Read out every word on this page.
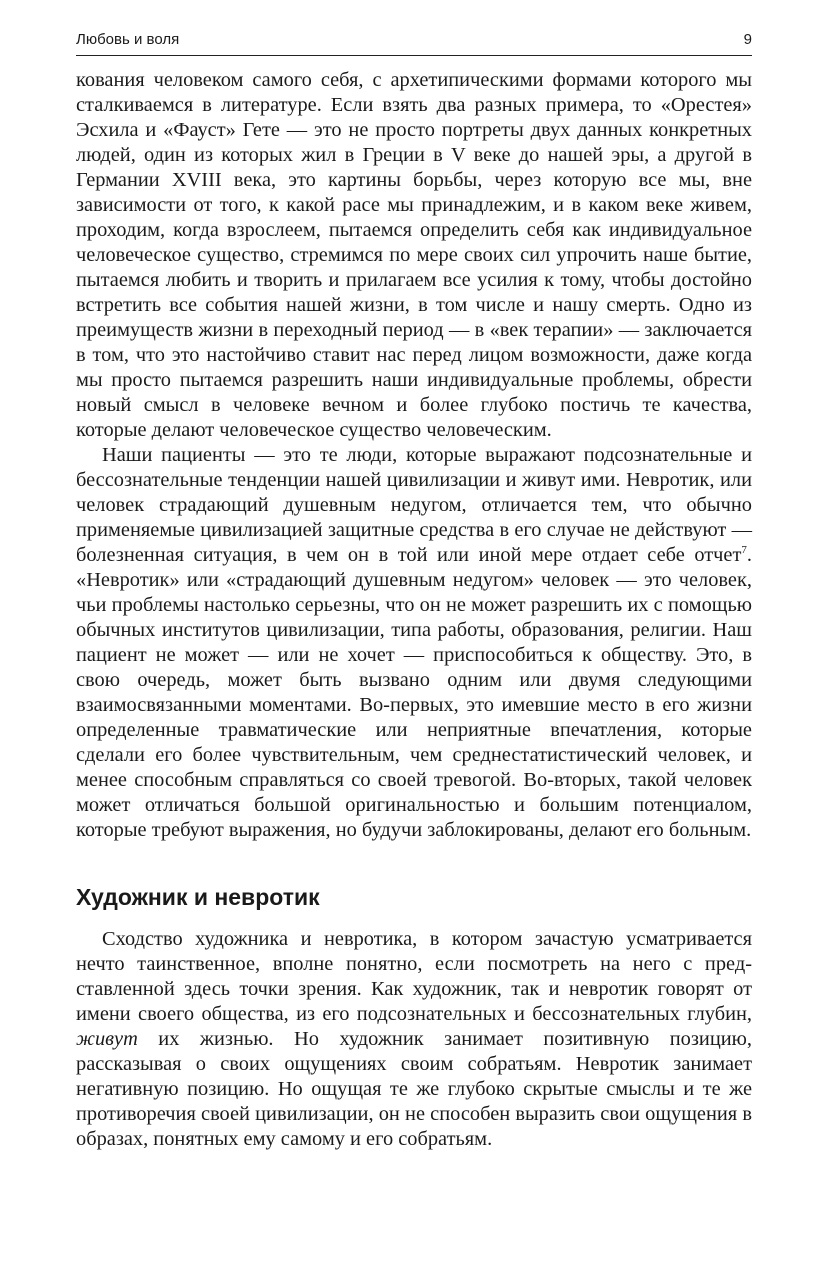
Любовь и воля	9

кования человеком самого себя, с архетипическими формами которого мы сталкиваемся в литературе. Если взять два разных примера, то «Орестея» Эсхила и «Фауст» Гете — это не просто портреты двух данных конкретных людей, один из которых жил в Греции в V веке до нашей эры, а другой в Германии XVIII века, это картины борьбы, через которую все мы, вне зависимости от того, к какой расе мы принадлежим, и в каком веке живем, проходим, когда взрослеем, пытаемся определить себя как индивидуальное человеческое существо, стремимся по мере своих сил упрочить наше бытие, пытаемся любить и творить и прилагаем все усилия к тому, чтобы достойно встретить все события нашей жизни, в том числе и нашу смерть. Одно из преимуществ жизни в переходный период — в «век терапии» — заключается в том, что это настойчиво ставит нас перед лицом возможности, даже когда мы просто пытаемся разрешить наши индивидуальные проблемы, обрести новый смысл в человеке вечном и более глубоко постичь те качества, которые делают человеческое существо человеческим.

Наши пациенты — это те люди, которые выражают подсознательные и бессознательные тенденции нашей цивилизации и живут ими. Невротик, или человек страдающий душевным недугом, отличается тем, что обычно применяемые цивилизацией защитные средства в его случае не действуют — болезненная ситуация, в чем он в той или иной мере отдает себе отчет$^7$. «Невротик» или «страдающий душевным недугом» человек — это человек, чьи проблемы настолько серьезны, что он не может разрешить их с помощью обычных институтов цивилизации, типа работы, образования, религии. Наш пациент не может — или не хочет — приспособиться к обществу. Это, в свою очередь, может быть вызвано одним или двумя следующими взаимосвязанными моментами. Во-первых, это имевшие место в его жизни определенные травматические или неприятные впечатления, которые сделали его более чувствительным, чем среднестатистический человек, и менее способным справляться со своей тревогой. Во-вторых, такой человек может отличаться большой оригинальностью и большим потенциалом, которые требуют выражения, но будучи заблокированы, делают его больным.

Художник и невротик

Сходство художника и невротика, в котором зачастую усматривается нечто таинственное, вполне понятно, если посмотреть на него с представленной здесь точки зрения. Как художник, так и невротик говорят от имени своего общества, из его подсознательных и бессознательных глубин, живут их жизнью. Но художник занимает позитивную позицию, рассказывая о своих ощущениях своим собратьям. Невротик занимает негативную позицию. Но ощущая те же глубоко скрытые смыслы и те же противоречия своей цивилизации, он не способен выразить свои ощущения в образах, понятных ему самому и его собратьям.
